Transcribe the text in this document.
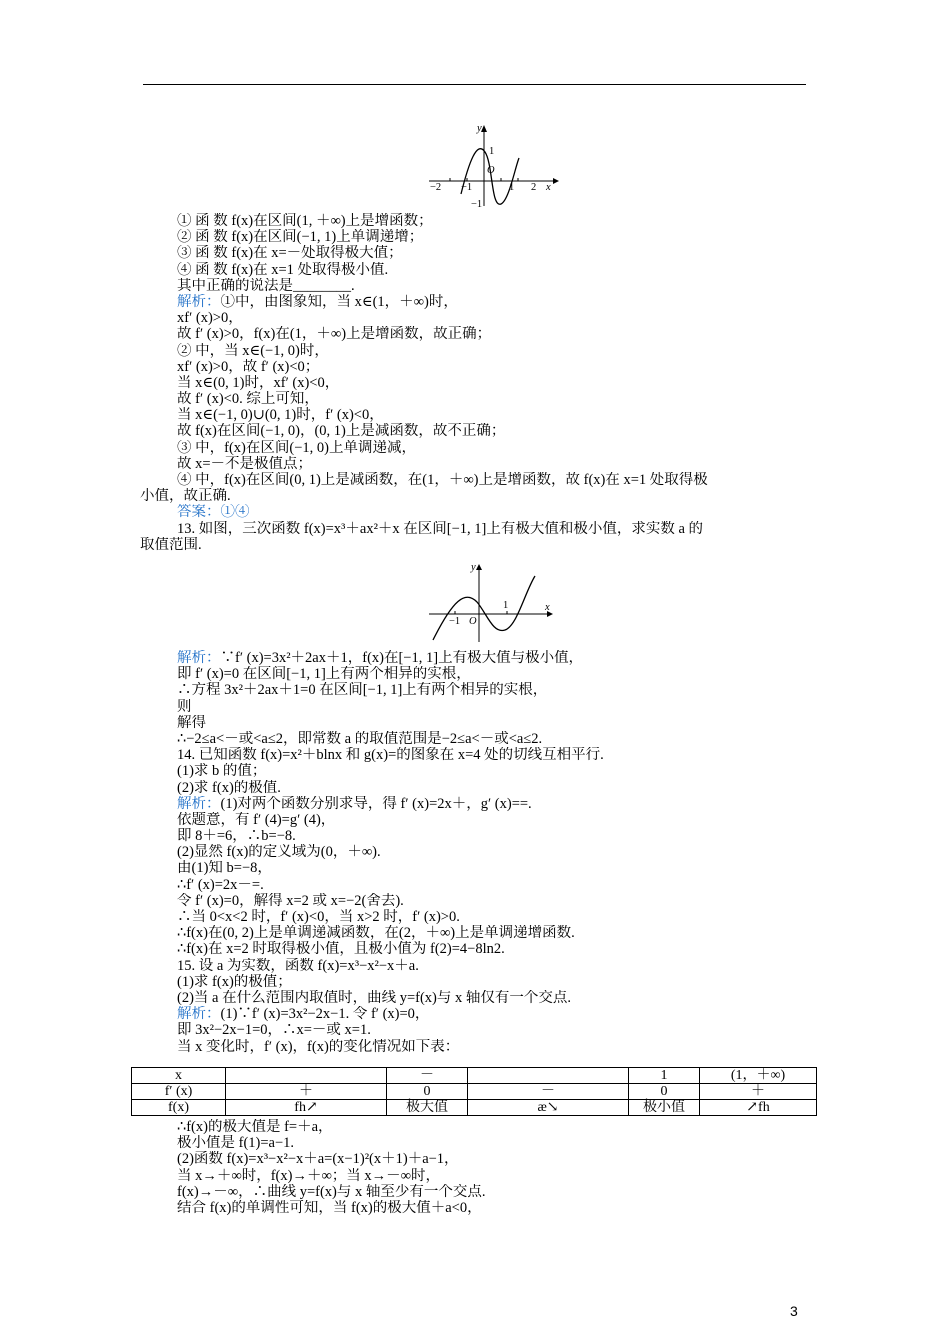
y
x
1
O
−2 −1	1 2
−1
① 函 数 f(x)在区间(1, ＋∞)上是增函数；
② 函 数 f(x)在区间(−1, 1)上单调递增；
③ 函 数 f(x)在 x=－处取得极大值；
④ 函 数 f(x)在 x=1 处取得极小值.
其中正确的说法是________.
解析：①中，由图象知，当 x∈(1，＋∞)时，
xf′ (x)>0，
故 f′ (x)>0，f(x)在(1，＋∞)上是增函数，故正确；
② 中，当 x∈(−1, 0)时，
xf′ (x)>0，故 f′ (x)<0；
当 x∈(0, 1)时，xf′ (x)<0，
故 f′ (x)<0. 综上可知，
当 x∈(−1, 0)∪(0, 1)时，f′ (x)<0，
故 f(x)在区间(−1, 0)，(0, 1)上是减函数，故不正确；
③ 中，f(x)在区间(−1, 0)上单调递减，
故 x=－不是极值点；
④ 中，f(x)在区间(0, 1)上是减函数，在(1，＋∞)上是增函数，故 f(x)在 x=1 处取得极
小值，故正确.
答案：①④
13. 如图，三次函数 f(x)=x³＋ax²＋x 在区间[−1, 1]上有极大值和极小值，求实数 a 的
取值范围.
y
x
−1 O
1
解析：∵f′ (x)=3x²＋2ax＋1，f(x)在[−1, 1]上有极大值与极小值，
即 f′ (x)=0 在区间[−1, 1]上有两个相异的实根，
∴方程 3x²＋2ax＋1=0 在区间[−1, 1]上有两个相异的实根，
则
解得
∴−2≤a<－或<a≤2，即常数 a 的取值范围是−2≤a<－或<a≤2.
14. 已知函数 f(x)=x²＋blnx 和 g(x)=的图象在 x=4 处的切线互相平行.
(1)求 b 的值；
(2)求 f(x)的极值.
解析：(1)对两个函数分别求导，得 f′ (x)=2x＋，g′ (x)==.
依题意，有 f′ (4)=g′ (4)，
即 8＋=6，∴b=−8.
(2)显然 f(x)的定义域为(0，＋∞).
由(1)知 b=−8，
∴f′ (x)=2x－=.
令 f′ (x)=0，解得 x=2 或 x=−2(舍去).
∴当 0<x<2 时，f′ (x)<0，当 x>2 时，f′ (x)>0.
∴f(x)在(0, 2)上是单调递减函数，在(2，＋∞)上是单调递增函数.
∴f(x)在 x=2 时取得极小值，且极小值为 f(2)=4−8ln2.
15. 设 a 为实数，函数 f(x)=x³−x²−x＋a.
(1)求 f(x)的极值；
(2)当 a 在什么范围内取值时，曲线 y=f(x)与 x 轴仅有一个交点.
解析：(1)∵f′ (x)=3x²−2x−1. 令 f′ (x)=0，
即 3x²−2x−1=0，∴x=－或 x=1.
当 x 变化时，f′ (x)，f(x)的变化情况如下表：
x		－		1	(1，＋∞)
f′ (x)	＋	0	－	0	＋
f(x)	fh↗	极大值	æ↘	极小值	↗fh
∴f(x)的极大值是 f=＋a，
极小值是 f(1)=a−1.
(2)函数 f(x)=x³−x²−x＋a=(x−1)²(x＋1)＋a−1，
当 x→＋∞时，f(x)→＋∞；当 x→－∞时，
f(x)→－∞，∴曲线 y=f(x)与 x 轴至少有一个交点.
结合 f(x)的单调性可知，当 f(x)的极大值＋a<0，
3
